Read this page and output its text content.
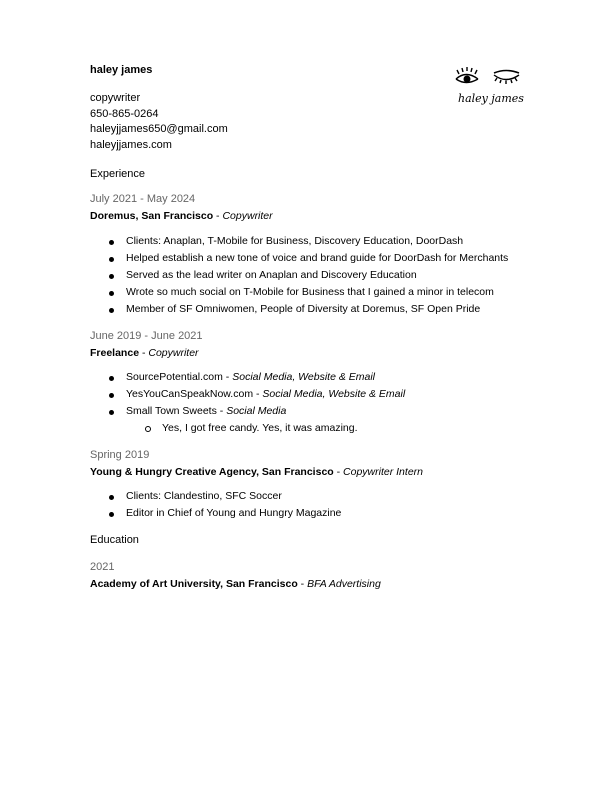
haley james
copywriter
650-865-0264
haleyjjames650@gmail.com
haleyjjames.com
haley james
Experience
July 2021 - May 2024
Doremus, San Francisco - Copywriter
Clients: Anaplan, T-Mobile for Business, Discovery Education, DoorDash
Helped establish a new tone of voice and brand guide for DoorDash for Merchants
Served as the lead writer on Anaplan and Discovery Education
Wrote so much social on T-Mobile for Business that I gained a minor in telecom
Member of SF Omniwomen, People of Diversity at Doremus, SF Open Pride
June 2019 - June 2021
Freelance - Copywriter
SourcePotential.com - Social Media, Website & Email
YesYouCanSpeakNow.com - Social Media, Website & Email
Small Town Sweets - Social Media
Yes, I got free candy. Yes, it was amazing.
Spring 2019
Young & Hungry Creative Agency, San Francisco - Copywriter Intern
Clients: Clandestino, SFC Soccer
Editor in Chief of Young and Hungry Magazine
Education
2021
Academy of Art University, San Francisco - BFA Advertising
